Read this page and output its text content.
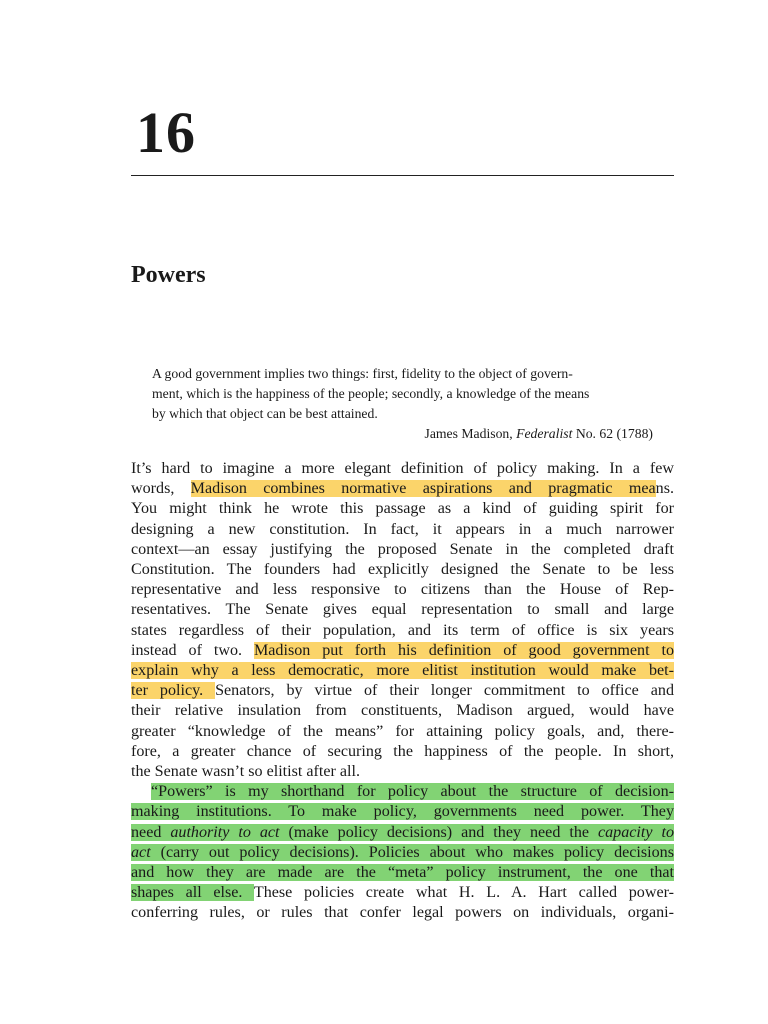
16
Powers
A good government implies two things: first, fidelity to the object of govern-
ment, which is the happiness of the people; secondly, a knowledge of the means
by which that object can be best attained.
James Madison, Federalist No. 62 (1788)
It’s hard to imagine a more elegant definition of policy making. In a few
words, Madison combines normative aspirations and pragmatic means.
You might think he wrote this passage as a kind of guiding spirit for
designing a new constitution. In fact, it appears in a much narrower
context—an essay justifying the proposed Senate in the completed draft
Constitution. The founders had explicitly designed the Senate to be less
representative and less responsive to citizens than the House of Rep-
resentatives. The Senate gives equal representation to small and large
states regardless of their population, and its term of office is six years
instead of two. Madison put forth his definition of good government to
explain why a less democratic, more elitist institution would make bet-
ter policy. Senators, by virtue of their longer commitment to office and
their relative insulation from constituents, Madison argued, would have
greater “knowledge of the means” for attaining policy goals, and, there-
fore, a greater chance of securing the happiness of the people. In short,
the Senate wasn’t so elitist after all.
“Powers” is my shorthand for policy about the structure of decision-
making institutions. To make policy, governments need power. They
need authority to act (make policy decisions) and they need the capacity to
act (carry out policy decisions). Policies about who makes policy decisions
and how they are made are the “meta” policy instrument, the one that
shapes all else. These policies create what H. L. A. Hart called power-
conferring rules, or rules that confer legal powers on individuals, organi-
